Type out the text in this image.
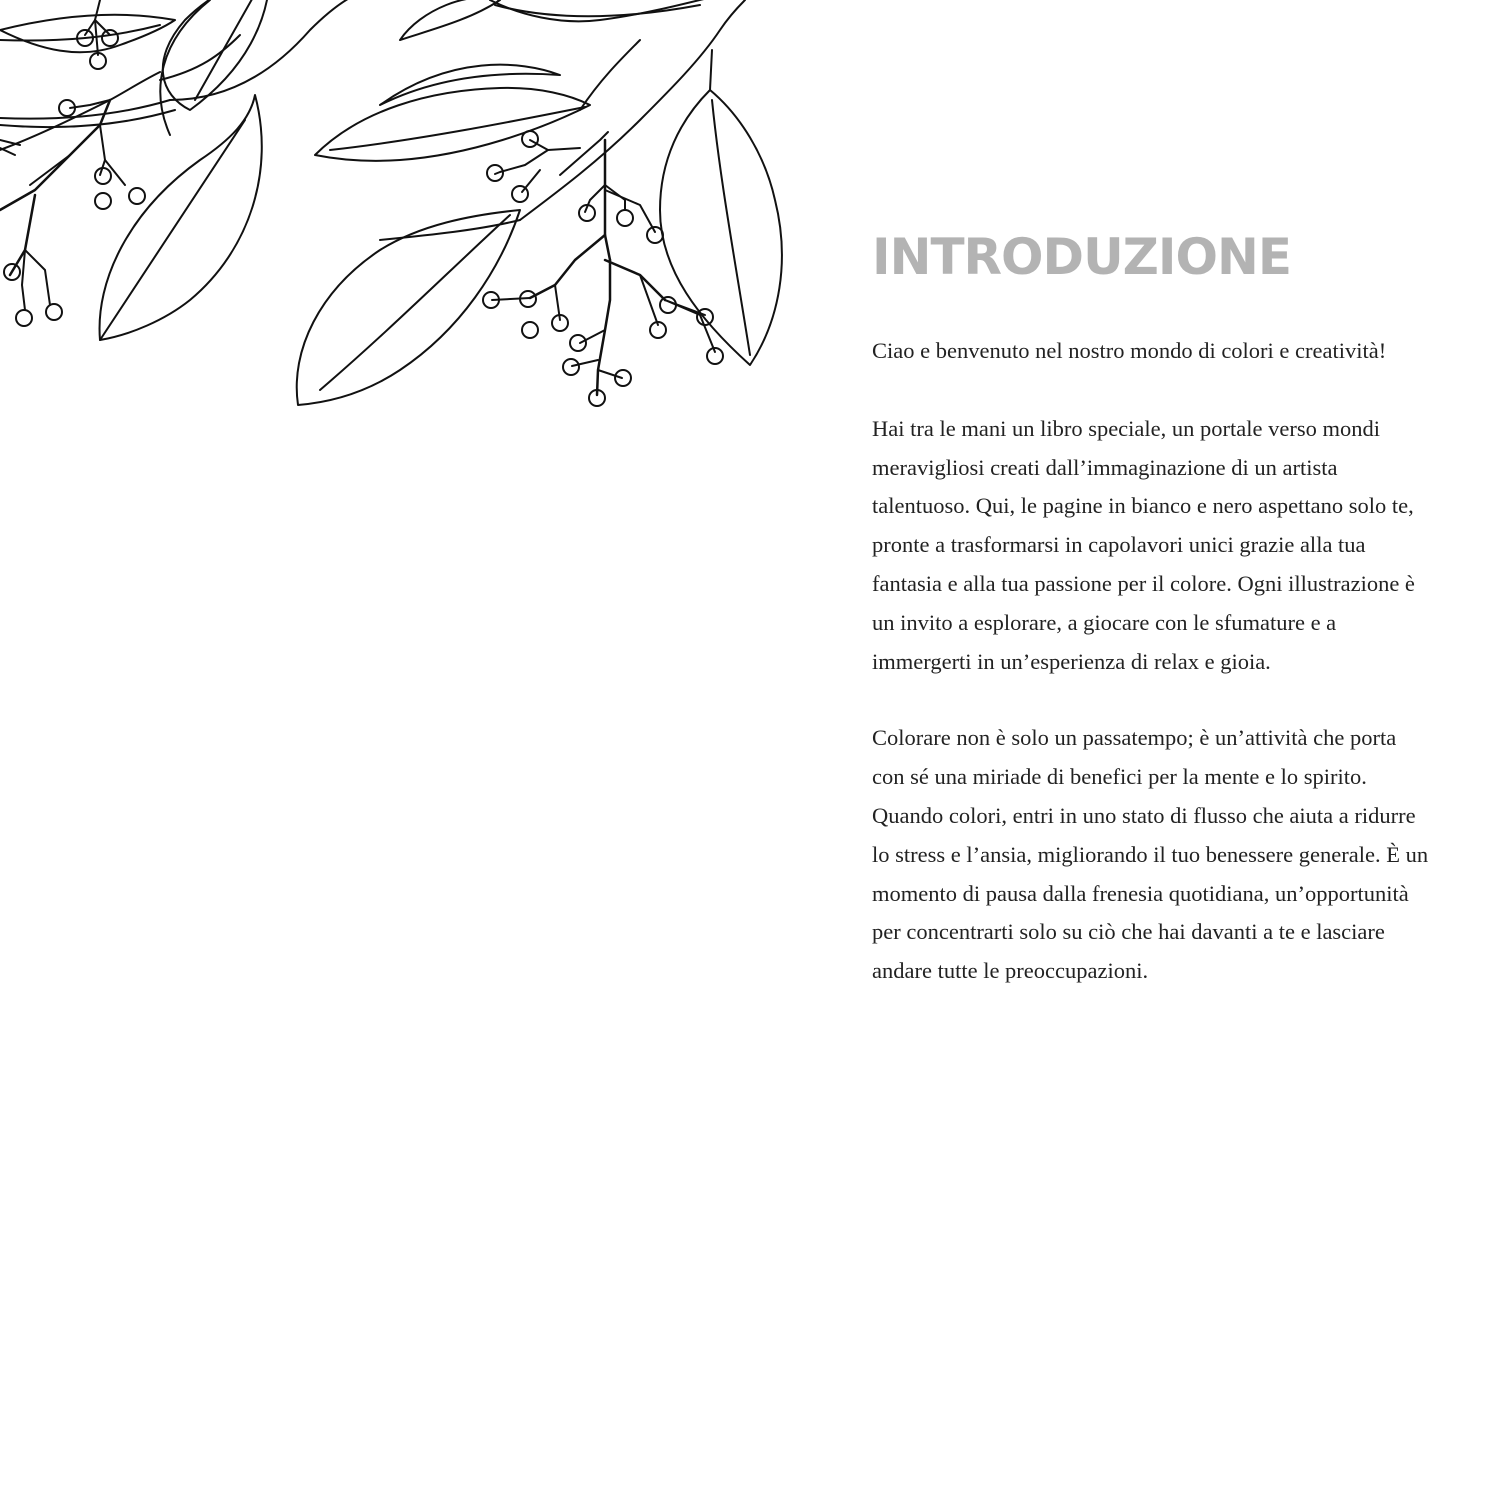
INTRODUZIONE

Ciao e benvenuto nel nostro mondo di colori e creatività!

Hai tra le mani un libro speciale, un portale verso mondi meravigliosi creati dall’immaginazione di un artista talentuoso. Qui, le pagine in bianco e nero aspettano solo te, pronte a trasformarsi in capolavori unici grazie alla tua fantasia e alla tua passione per il colore. Ogni illustrazione è un invito a esplorare, a giocare con le sfumature e a immergerti in un’esperienza di relax e gioia.

Colorare non è solo un passatempo; è un’attività che porta con sé una miriade di benefici per la mente e lo spirito. Quando colori, entri in uno stato di flusso che aiuta a ridurre lo stress e l’ansia, migliorando il tuo benessere generale. È un momento di pausa dalla frenesia quotidiana, un’opportunità per concentrarti solo su ciò che hai davanti a te e lasciare andare tutte le preoccupazioni.
